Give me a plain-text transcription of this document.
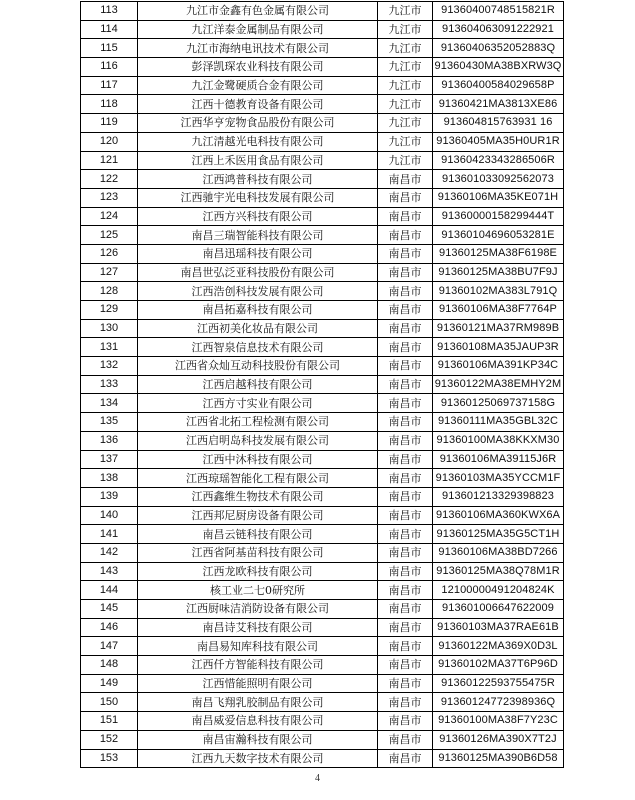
113	九江市金鑫有色金属有限公司	九江市	91360400748515821R
114	九江洋泰金属制品有限公司	九江市	913604063091222921
115	九江市海纳电讯技术有限公司	九江市	91360406352052883Q
116	彭泽凯琛农业科技有限公司	九江市	91360430MA38BXRW3Q
117	九江金鹭硬质合金有限公司	九江市	91360400584029658P
118	江西十德教育设备有限公司	九江市	91360421MA3813XE86
119	江西华亨宠物食品股份有限公司	九江市	913604815763931 16
120	九江清越光电科技有限公司	九江市	91360405MA35H0UR1R
121	江西上禾医用食品有限公司	九江市	91360423343286506R
122	江西鸿普科技有限公司	南昌市	913601033092562073
123	江西驰宇光电科技发展有限公司	南昌市	91360106MA35KE071H
124	江西方兴科技有限公司	南昌市	91360000158299444T
125	南昌三瑞智能科技有限公司	南昌市	91360104696053281E
126	南昌迅瑶科技有限公司	南昌市	91360125MA38F6198E
127	南昌世弘泛亚科技股份有限公司	南昌市	91360125MA38BU7F9J
128	江西浩创科技发展有限公司	南昌市	91360102MA383L791Q
129	南昌拓嘉科技有限公司	南昌市	91360106MA38F7764P
130	江西初美化妆品有限公司	南昌市	91360121MA37RM989B
131	江西智泉信息技术有限公司	南昌市	91360108MA35JAUP3R
132	江西省众灿互动科技股份有限公司	南昌市	91360106MA391KP34C
133	江西启越科技有限公司	南昌市	91360122MA38EMHY2M
134	江西方寸实业有限公司	南昌市	91360125069737158G
135	江西省北拓工程检测有限公司	南昌市	91360111MA35GBL32C
136	江西启明岛科技发展有限公司	南昌市	91360100MA38KKXM30
137	江西中沐科技有限公司	南昌市	91360106MA39115J6R
138	江西琼瑶智能化工程有限公司	南昌市	91360103MA35YCCM1F
139	江西鑫维生物技术有限公司	南昌市	913601213329398823
140	江西邦尼厨房设备有限公司	南昌市	91360106MA360KWX6A
141	南昌云链科技有限公司	南昌市	91360125MA35G5CT1H
142	江西省阿基苗科技有限公司	南昌市	91360106MA38BD7266
143	江西龙欧科技有限公司	南昌市	91360125MA38Q78M1R
144	核工业二七0研究所	南昌市	12100000491204824K
145	江西厨味洁消防设备有限公司	南昌市	913601006647622009
146	南昌诗艾科技有限公司	南昌市	91360103MA37RAE61B
147	南昌易知库科技有限公司	南昌市	91360122MA369X0D3L
148	江西仟方智能科技有限公司	南昌市	91360102MA37T6P96D
149	江西惜能照明有限公司	南昌市	91360122593755475R
150	南昌飞翔乳胶制品有限公司	南昌市	91360124772398936Q
151	南昌威爱信息科技有限公司	南昌市	91360100MA38F7Y23C
152	南昌宙瀚科技有限公司	南昌市	91360126MA390X7T2J
153	江西九天数字技术有限公司	南昌市	91360125MA390B6D58
4
